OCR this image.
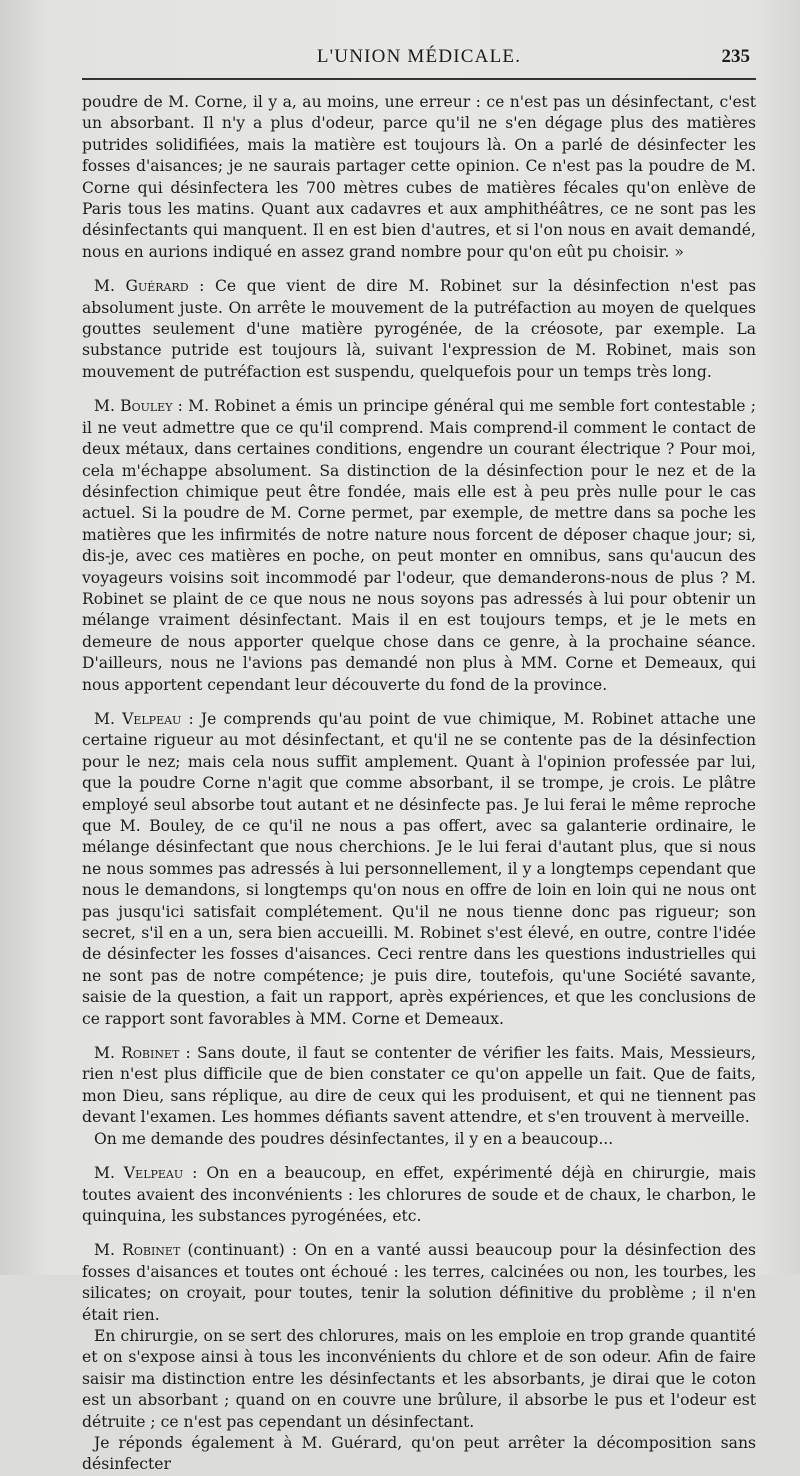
L'UNION MÉDICALE.	235

poudre de M. Corne, il y a, au moins, une erreur : ce n'est pas un désinfectant, c'est un absorbant. Il n'y a plus d'odeur, parce qu'il ne s'en dégage plus des matières putrides solidifiées, mais la matière est toujours là. On a parlé de désinfecter les fosses d'aisances; je ne saurais partager cette opinion. Ce n'est pas la poudre de M. Corne qui désinfectera les 700 mètres cubes de matières fécales qu'on enlève de Paris tous les matins. Quant aux cadavres et aux amphithéâtres, ce ne sont pas les désinfectants qui manquent. Il en est bien d'autres, et si l'on nous en avait demandé, nous en aurions indiqué en assez grand nombre pour qu'on eût pu choisir. »

M. Guérard : Ce que vient de dire M. Robinet sur la désinfection n'est pas absolument juste. On arrête le mouvement de la putréfaction au moyen de quelques gouttes seulement d'une matière pyrogénée, de la créosote, par exemple. La substance putride est toujours là, suivant l'expression de M. Robinet, mais son mouvement de putréfaction est suspendu, quelquefois pour un temps très long.

M. Bouley : M. Robinet a émis un principe général qui me semble fort contestable ; il ne veut admettre que ce qu'il comprend. Mais comprend-il comment le contact de deux métaux, dans certaines conditions, engendre un courant électrique ? Pour moi, cela m'échappe absolument. Sa distinction de la désinfection pour le nez et de la désinfection chimique peut être fondée, mais elle est à peu près nulle pour le cas actuel. Si la poudre de M. Corne permet, par exemple, de mettre dans sa poche les matières que les infirmités de notre nature nous forcent de déposer chaque jour; si, dis-je, avec ces matières en poche, on peut monter en omnibus, sans qu'aucun des voyageurs voisins soit incommodé par l'odeur, que demanderons-nous de plus ? M. Robinet se plaint de ce que nous ne nous soyons pas adressés à lui pour obtenir un mélange vraiment désinfectant. Mais il en est toujours temps, et je le mets en demeure de nous apporter quelque chose dans ce genre, à la prochaine séance. D'ailleurs, nous ne l'avions pas demandé non plus à MM. Corne et Demeaux, qui nous apportent cependant leur découverte du fond de la province.

M. Velpeau : Je comprends qu'au point de vue chimique, M. Robinet attache une certaine rigueur au mot désinfectant, et qu'il ne se contente pas de la désinfection pour le nez; mais cela nous suffit amplement. Quant à l'opinion professée par lui, que la poudre Corne n'agit que comme absorbant, il se trompe, je crois. Le plâtre employé seul absorbe tout autant et ne désinfecte pas. Je lui ferai le même reproche que M. Bouley, de ce qu'il ne nous a pas offert, avec sa galanterie ordinaire, le mélange désinfectant que nous cherchions. Je le lui ferai d'autant plus, que si nous ne nous sommes pas adressés à lui personnellement, il y a longtemps cependant que nous le demandons, si longtemps qu'on nous en offre de loin en loin qui ne nous ont pas jusqu'ici satisfait complétement. Qu'il ne nous tienne donc pas rigueur; son secret, s'il en a un, sera bien accueilli. M. Robinet s'est élevé, en outre, contre l'idée de désinfecter les fosses d'aisances. Ceci rentre dans les questions industrielles qui ne sont pas de notre compétence; je puis dire, toutefois, qu'une Société savante, saisie de la question, a fait un rapport, après expériences, et que les conclusions de ce rapport sont favorables à MM. Corne et Demeaux.

M. Robinet : Sans doute, il faut se contenter de vérifier les faits. Mais, Messieurs, rien n'est plus difficile que de bien constater ce qu'on appelle un fait. Que de faits, mon Dieu, sans réplique, au dire de ceux qui les produisent, et qui ne tiennent pas devant l'examen. Les hommes défiants savent attendre, et s'en trouvent à merveille.

On me demande des poudres désinfectantes, il y en a beaucoup...

M. Velpeau : On en a beaucoup, en effet, expérimenté déjà en chirurgie, mais toutes avaient des inconvénients : les chlorures de soude et de chaux, le charbon, le quinquina, les substances pyrogénées, etc.

M. Robinet (continuant) : On en a vanté aussi beaucoup pour la désinfection des fosses d'aisances et toutes ont échoué : les terres, calcinées ou non, les tourbes, les silicates; on croyait, pour toutes, tenir la solution définitive du problème ; il n'en était rien.

En chirurgie, on se sert des chlorures, mais on les emploie en trop grande quantité et on s'expose ainsi à tous les inconvénients du chlore et de son odeur. Afin de faire saisir ma distinction entre les désinfectants et les absorbants, je dirai que le coton est un absorbant ; quand on en couvre une brûlure, il absorbe le pus et l'odeur est détruite ; ce n'est pas cependant un désinfectant.

Je réponds également à M. Guérard, qu'on peut arrêter la décomposition sans désinfecter
